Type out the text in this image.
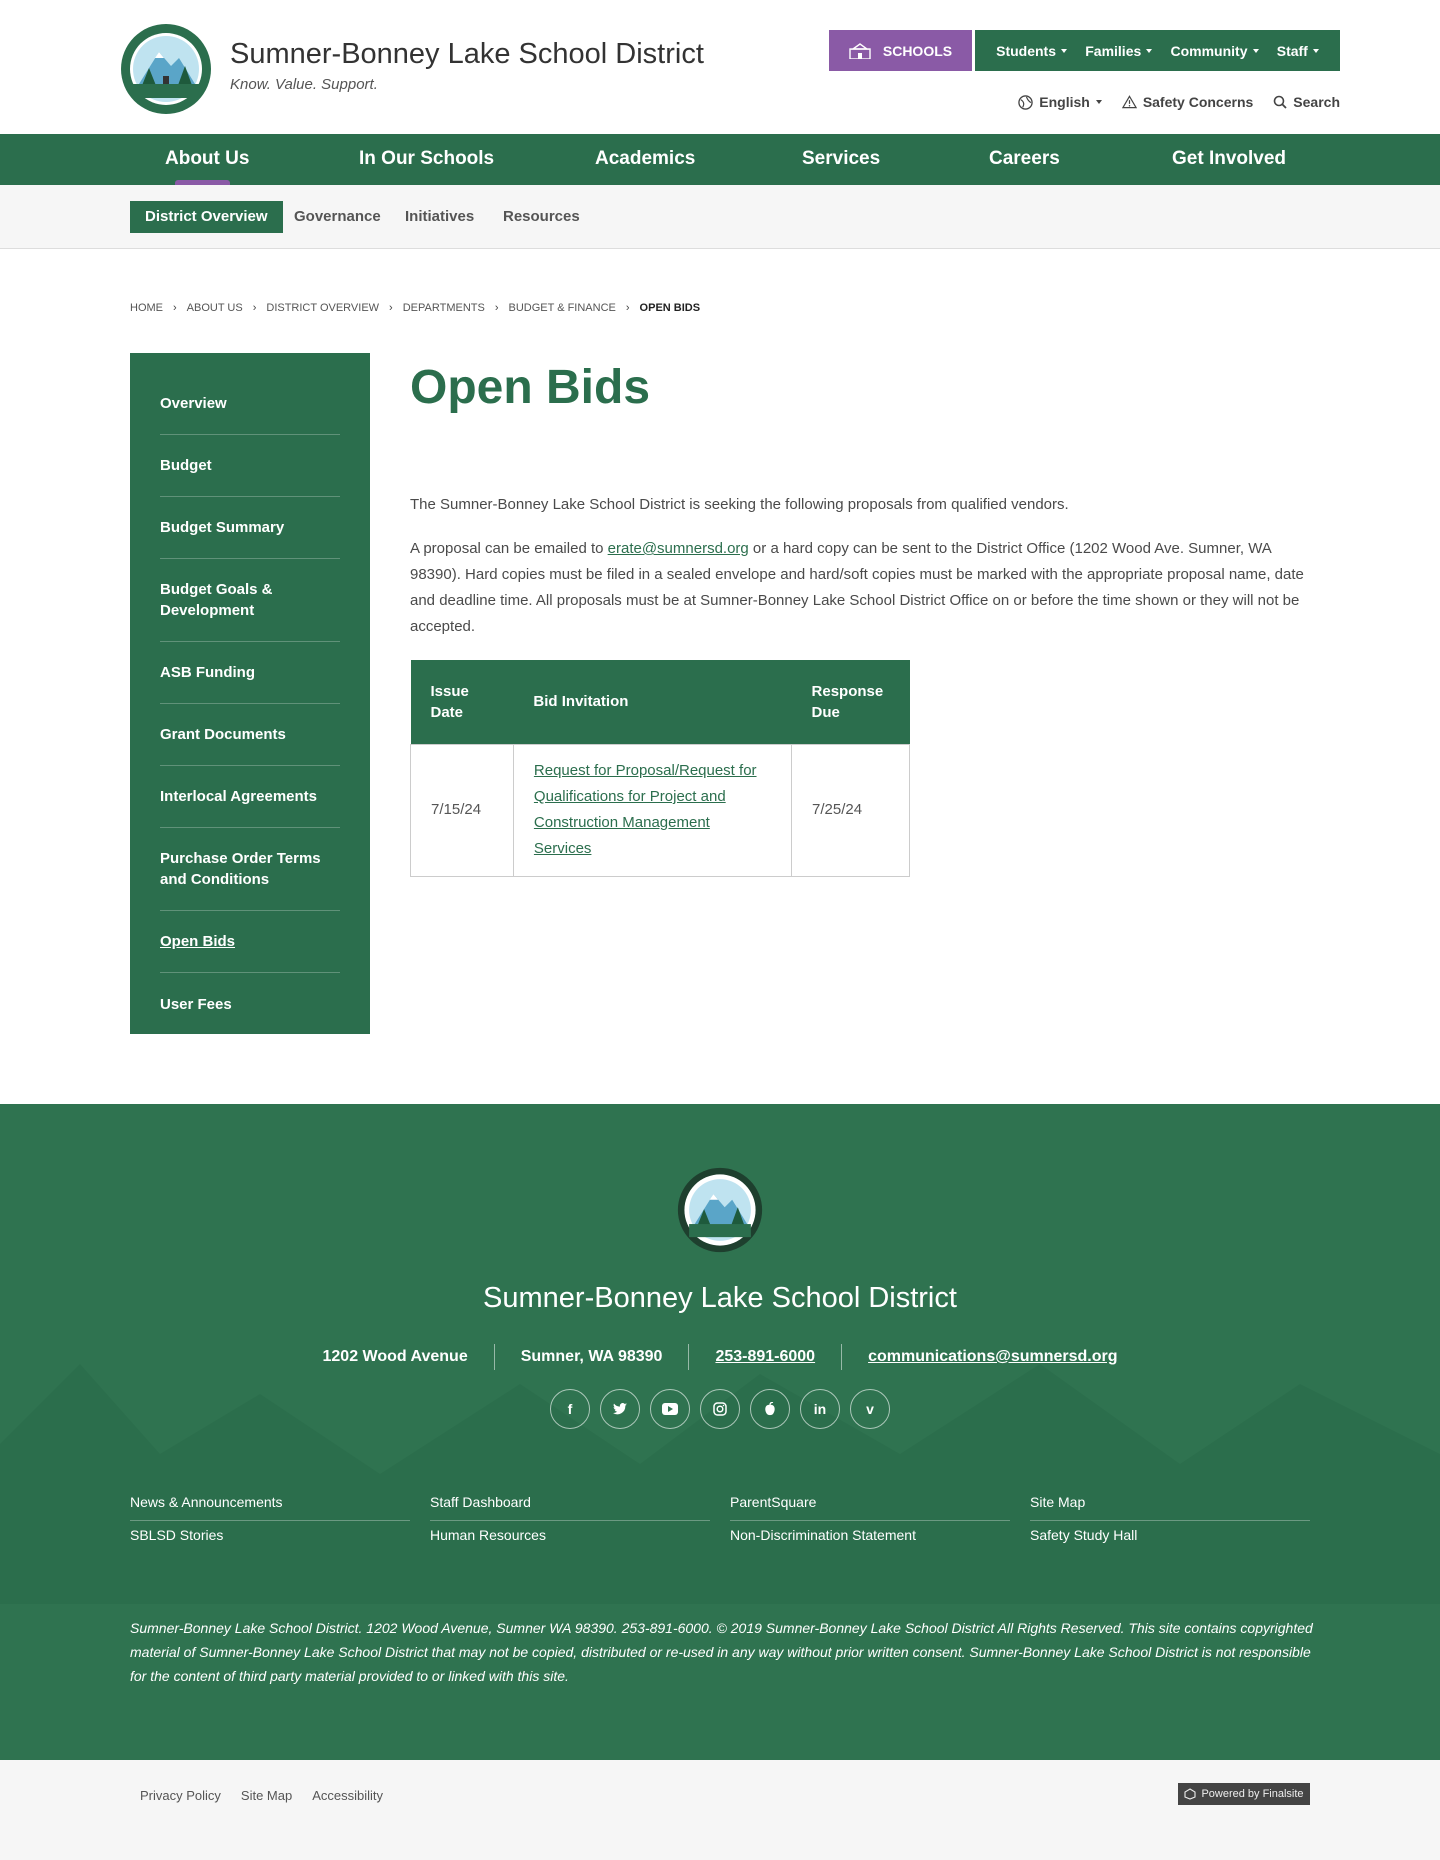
Sumner-Bonney Lake School District
Know. Value. Support.
SCHOOLS	Students Families Community Staff
English	Safety Concerns	Search
About Us	In Our Schools	Academics	Services	Careers	Get Involved
District Overview	Governance Initiatives Resources
HOME › ABOUT US › DISTRICT OVERVIEW › DEPARTMENTS › BUDGET & FINANCE › OPEN BIDS
Overview
Budget
Budget Summary
Budget Goals & Development
ASB Funding
Grant Documents
Interlocal Agreements
Purchase Order Terms and Conditions
Open Bids
User Fees
Open Bids

The Sumner-Bonney Lake School District is seeking the following proposals from qualified vendors.

A proposal can be emailed to erate@sumnersd.org or a hard copy can be sent to the District Office (1202 Wood Ave. Sumner, WA 98390). Hard copies must be filed in a sealed envelope and hard/soft copies must be marked with the appropriate proposal name, date and deadline time. All proposals must be at Sumner-Bonney Lake School District Office on or before the time shown or they will not be accepted.

Issue Date	Bid Invitation	Response Due
7/15/24	Request for Proposal/Request for Qualifications for Project and Construction Management Services	7/25/24
Sumner-Bonney Lake School District
1202 Wood Avenue	Sumner, WA 98390	253-891-6000	communications@sumnersd.org
f	in	v
News & Announcements	Staff Dashboard	ParentSquare	Site Map
SBLSD Stories	Human Resources	Non-Discrimination Statement	Safety Study Hall

Sumner-Bonney Lake School District. 1202 Wood Avenue, Sumner WA 98390. 253-891-6000. © 2019 Sumner-Bonney Lake School District All Rights Reserved. This site contains copyrighted material of Sumner-Bonney Lake School District that may not be copied, distributed or re-used in any way without prior written consent. Sumner-Bonney Lake School District is not responsible for the content of third party material provided to or linked with this site.

Privacy Policy Site Map Accessibility	Powered by Finalsite
